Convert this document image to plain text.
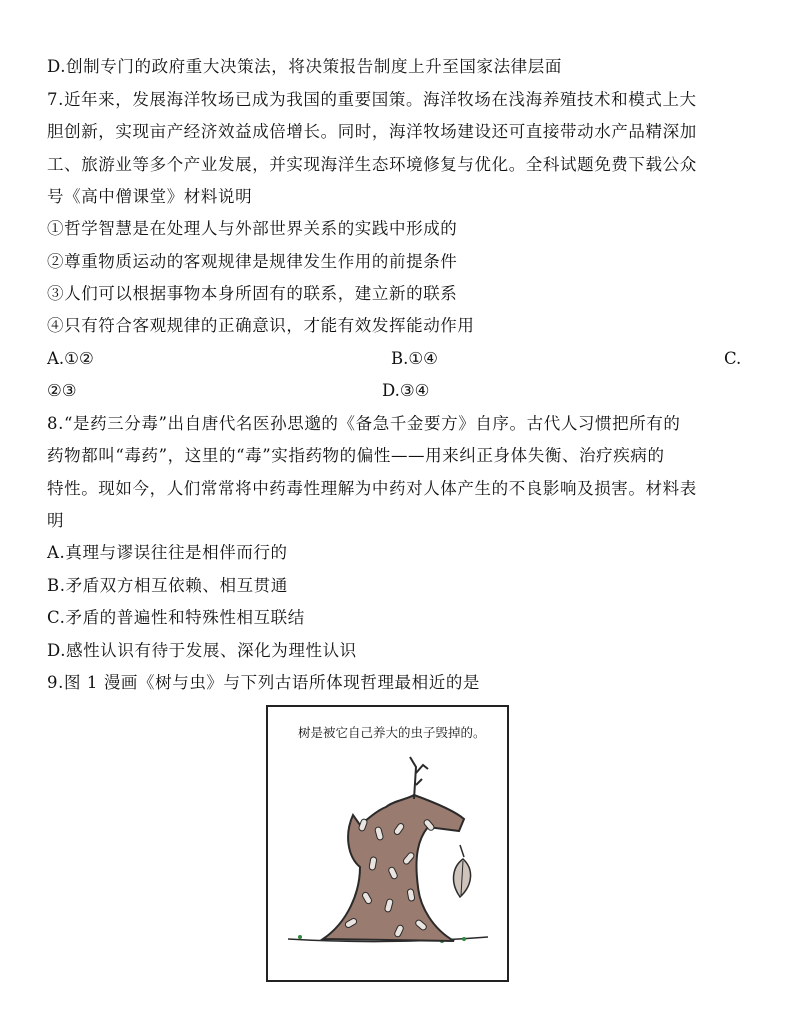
D.创制专门的政府重大决策法，将决策报告制度上升至国家法律层面
7.近年来，发展海洋牧场已成为我国的重要国策。海洋牧场在浅海养殖技术和模式上大
胆创新，实现亩产经济效益成倍增长。同时，海洋牧场建设还可直接带动水产品精深加
工、旅游业等多个产业发展，并实现海洋生态环境修复与优化。全科试题免费下载公众
号《高中僧课堂》材料说明
①哲学智慧是在处理人与外部世界关系的实践中形成的
②尊重物质运动的客观规律是规律发生作用的前提条件
③人们可以根据事物本身所固有的联系，建立新的联系
④只有符合客观规律的正确意识，才能有效发挥能动作用
A.①②	B.①④	C.
②③	D.③④
8.“是药三分毒”出自唐代名医孙思邈的《备急千金要方》自序。古代人习惯把所有的
药物都叫“毒药”，这里的“毒”实指药物的偏性——用来纠正身体失衡、治疗疾病的
特性。现如今，人们常常将中药毒性理解为中药对人体产生的不良影响及损害。材料表
明
A.真理与谬误往往是相伴而行的
B.矛盾双方相互依赖、相互贯通
C.矛盾的普遍性和特殊性相互联结
D.感性认识有待于发展、深化为理性认识
9.图 1 漫画《树与虫》与下列古语所体现哲理最相近的是
树是被它自己养大的虫子毁掉的。
